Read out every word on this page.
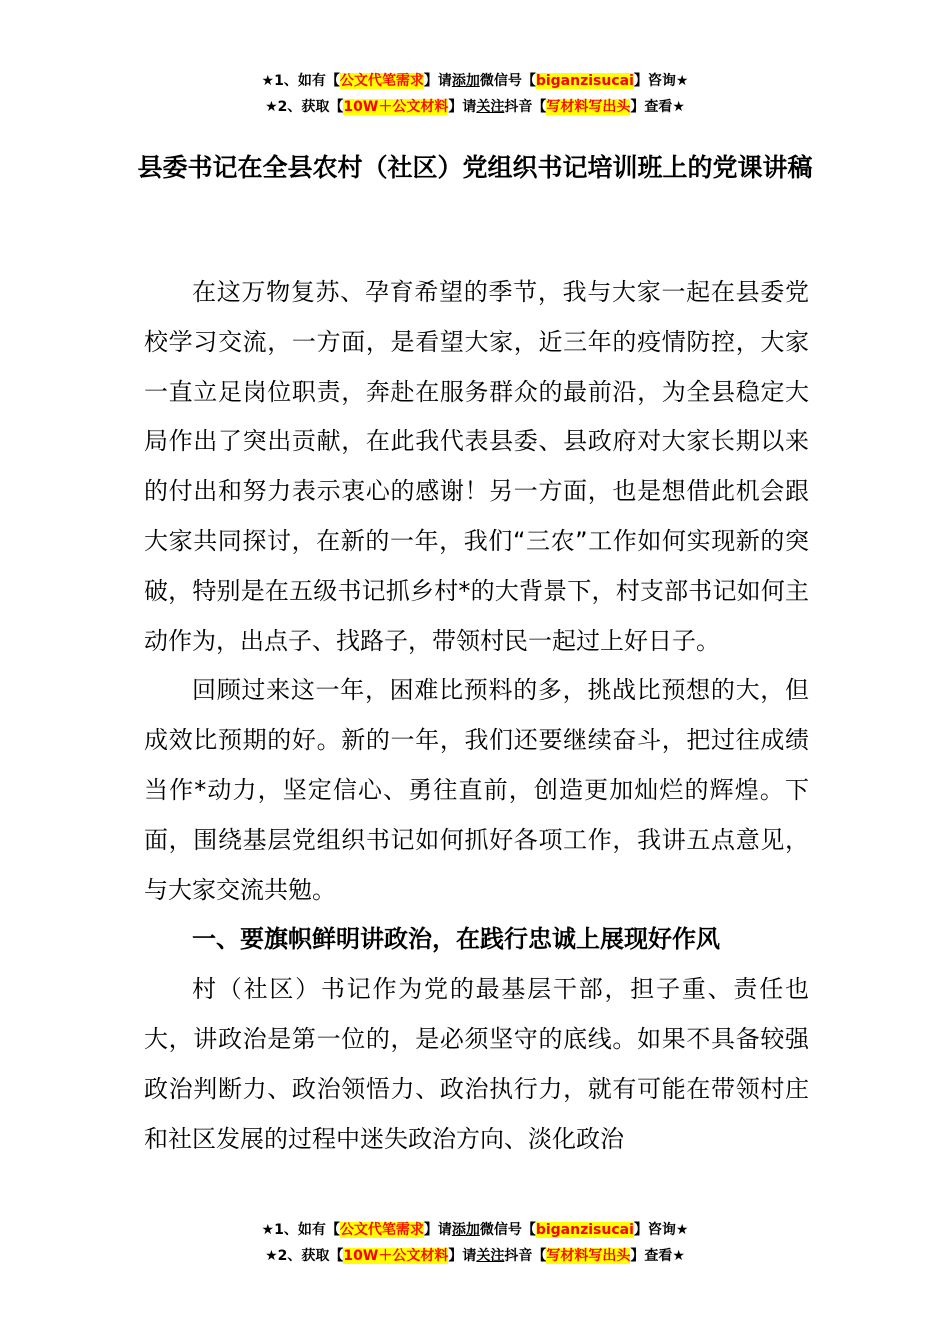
★1、如有【公文代笔需求】请添加微信号【biganzisucai】咨询★
★2、获取【10W＋公文材料】请关注抖音【写材料写出头】查看★
县委书记在全县农村（社区）党组织书记培训班上的党课讲稿

在这万物复苏、孕育希望的季节，我与大家一起在县委党校学习交流，一方面，是看望大家，近三年的疫情防控，大家一直立足岗位职责，奔赴在服务群众的最前沿，为全县稳定大局作出了突出贡献，在此我代表县委、县政府对大家长期以来的付出和努力表示衷心的感谢！另一方面，也是想借此机会跟大家共同探讨，在新的一年，我们“三农”工作如何实现新的突破，特别是在五级书记抓乡村*的大背景下，村支部书记如何主动作为，出点子、找路子，带领村民一起过上好日子。

回顾过来这一年，困难比预料的多，挑战比预想的大，但成效比预期的好。新的一年，我们还要继续奋斗，把过往成绩当作*动力，坚定信心、勇往直前，创造更加灿烂的辉煌。下面，围绕基层党组织书记如何抓好各项工作，我讲五点意见，与大家交流共勉。

一、要旗帜鲜明讲政治，在践行忠诚上展现好作风

村（社区）书记作为党的最基层干部，担子重、责任也大，讲政治是第一位的，是必须坚守的底线。如果不具备较强政治判断力、政治领悟力、政治执行力，就有可能在带领村庄和社区发展的过程中迷失政治方向、淡化政治

★1、如有【公文代笔需求】请添加微信号【biganzisucai】咨询★
★2、获取【10W＋公文材料】请关注抖音【写材料写出头】查看★
